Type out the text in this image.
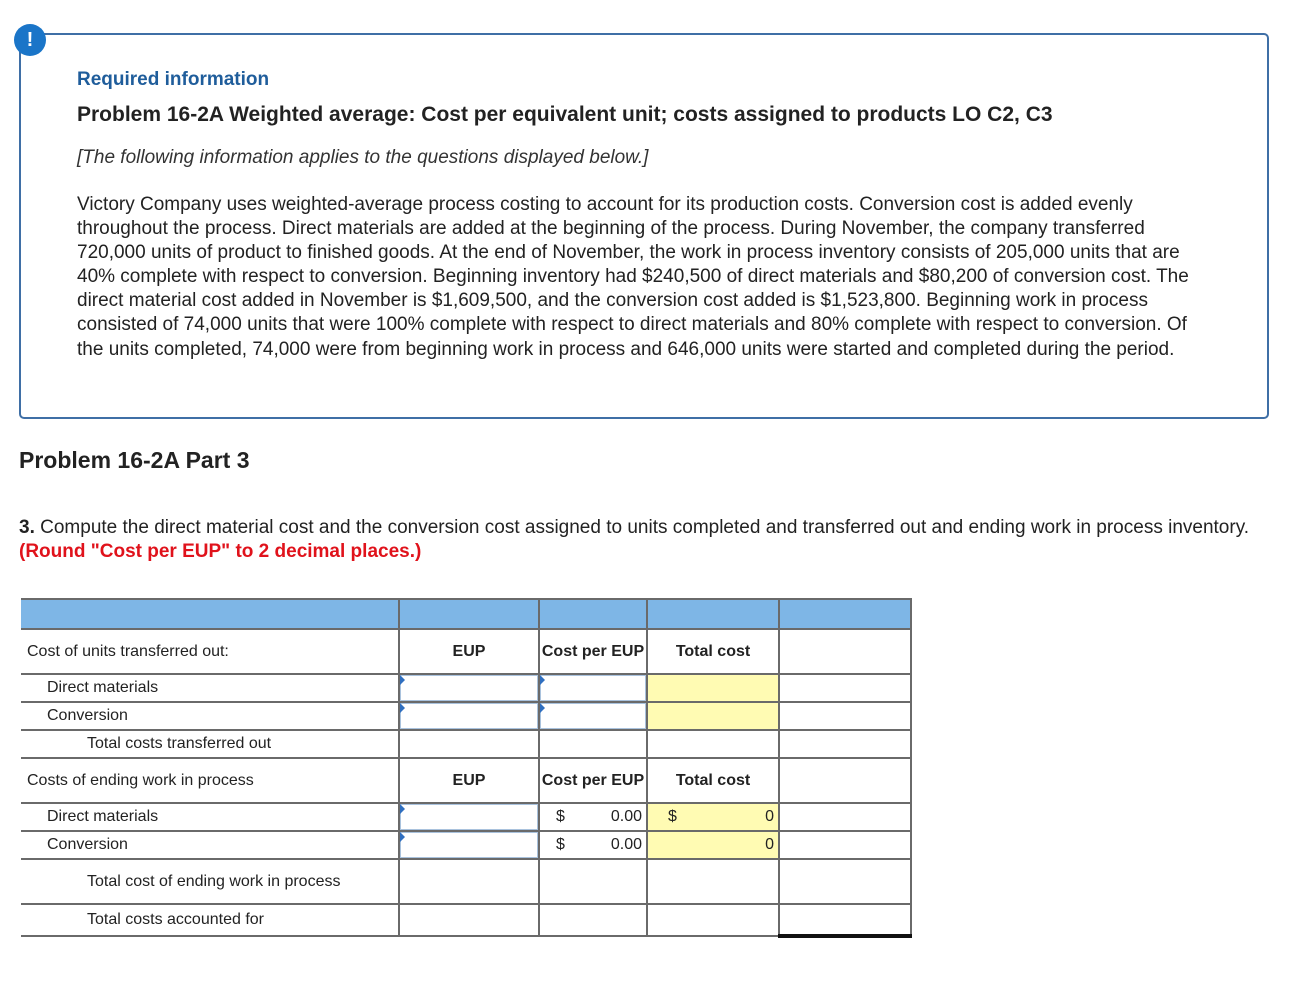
!
Required information
Problem 16-2A Weighted average: Cost per equivalent unit; costs assigned to products LO C2, C3
[The following information applies to the questions displayed below.]

Victory Company uses weighted-average process costing to account for its production costs. Conversion cost is added evenly throughout the process. Direct materials are added at the beginning of the process. During November, the company transferred 720,000 units of product to finished goods. At the end of November, the work in process inventory consists of 205,000 units that are 40% complete with respect to conversion. Beginning inventory had $240,500 of direct materials and $80,200 of conversion cost. The direct material cost added in November is $1,609,500, and the conversion cost added is $1,523,800. Beginning work in process consisted of 74,000 units that were 100% complete with respect to direct materials and 80% complete with respect to conversion. Of the units completed, 74,000 were from beginning work in process and 646,000 units were started and completed during the period.

Problem 16-2A Part 3

3. Compute the direct material cost and the conversion cost assigned to units completed and transferred out and ending work in process inventory. (Round "Cost per EUP" to 2 decimal places.)

Cost of units transferred out:	EUP	Cost per EUP	Total cost	
Direct materials	

Conversion	

Total costs transferred out				
Costs of ending work in process	EUP	Cost per EUP	Total cost	
Direct materials		$ 0.00	$ 0	

Conversion		$ 0.00	0	

Total cost of ending work in process				
Total costs accounted for				
